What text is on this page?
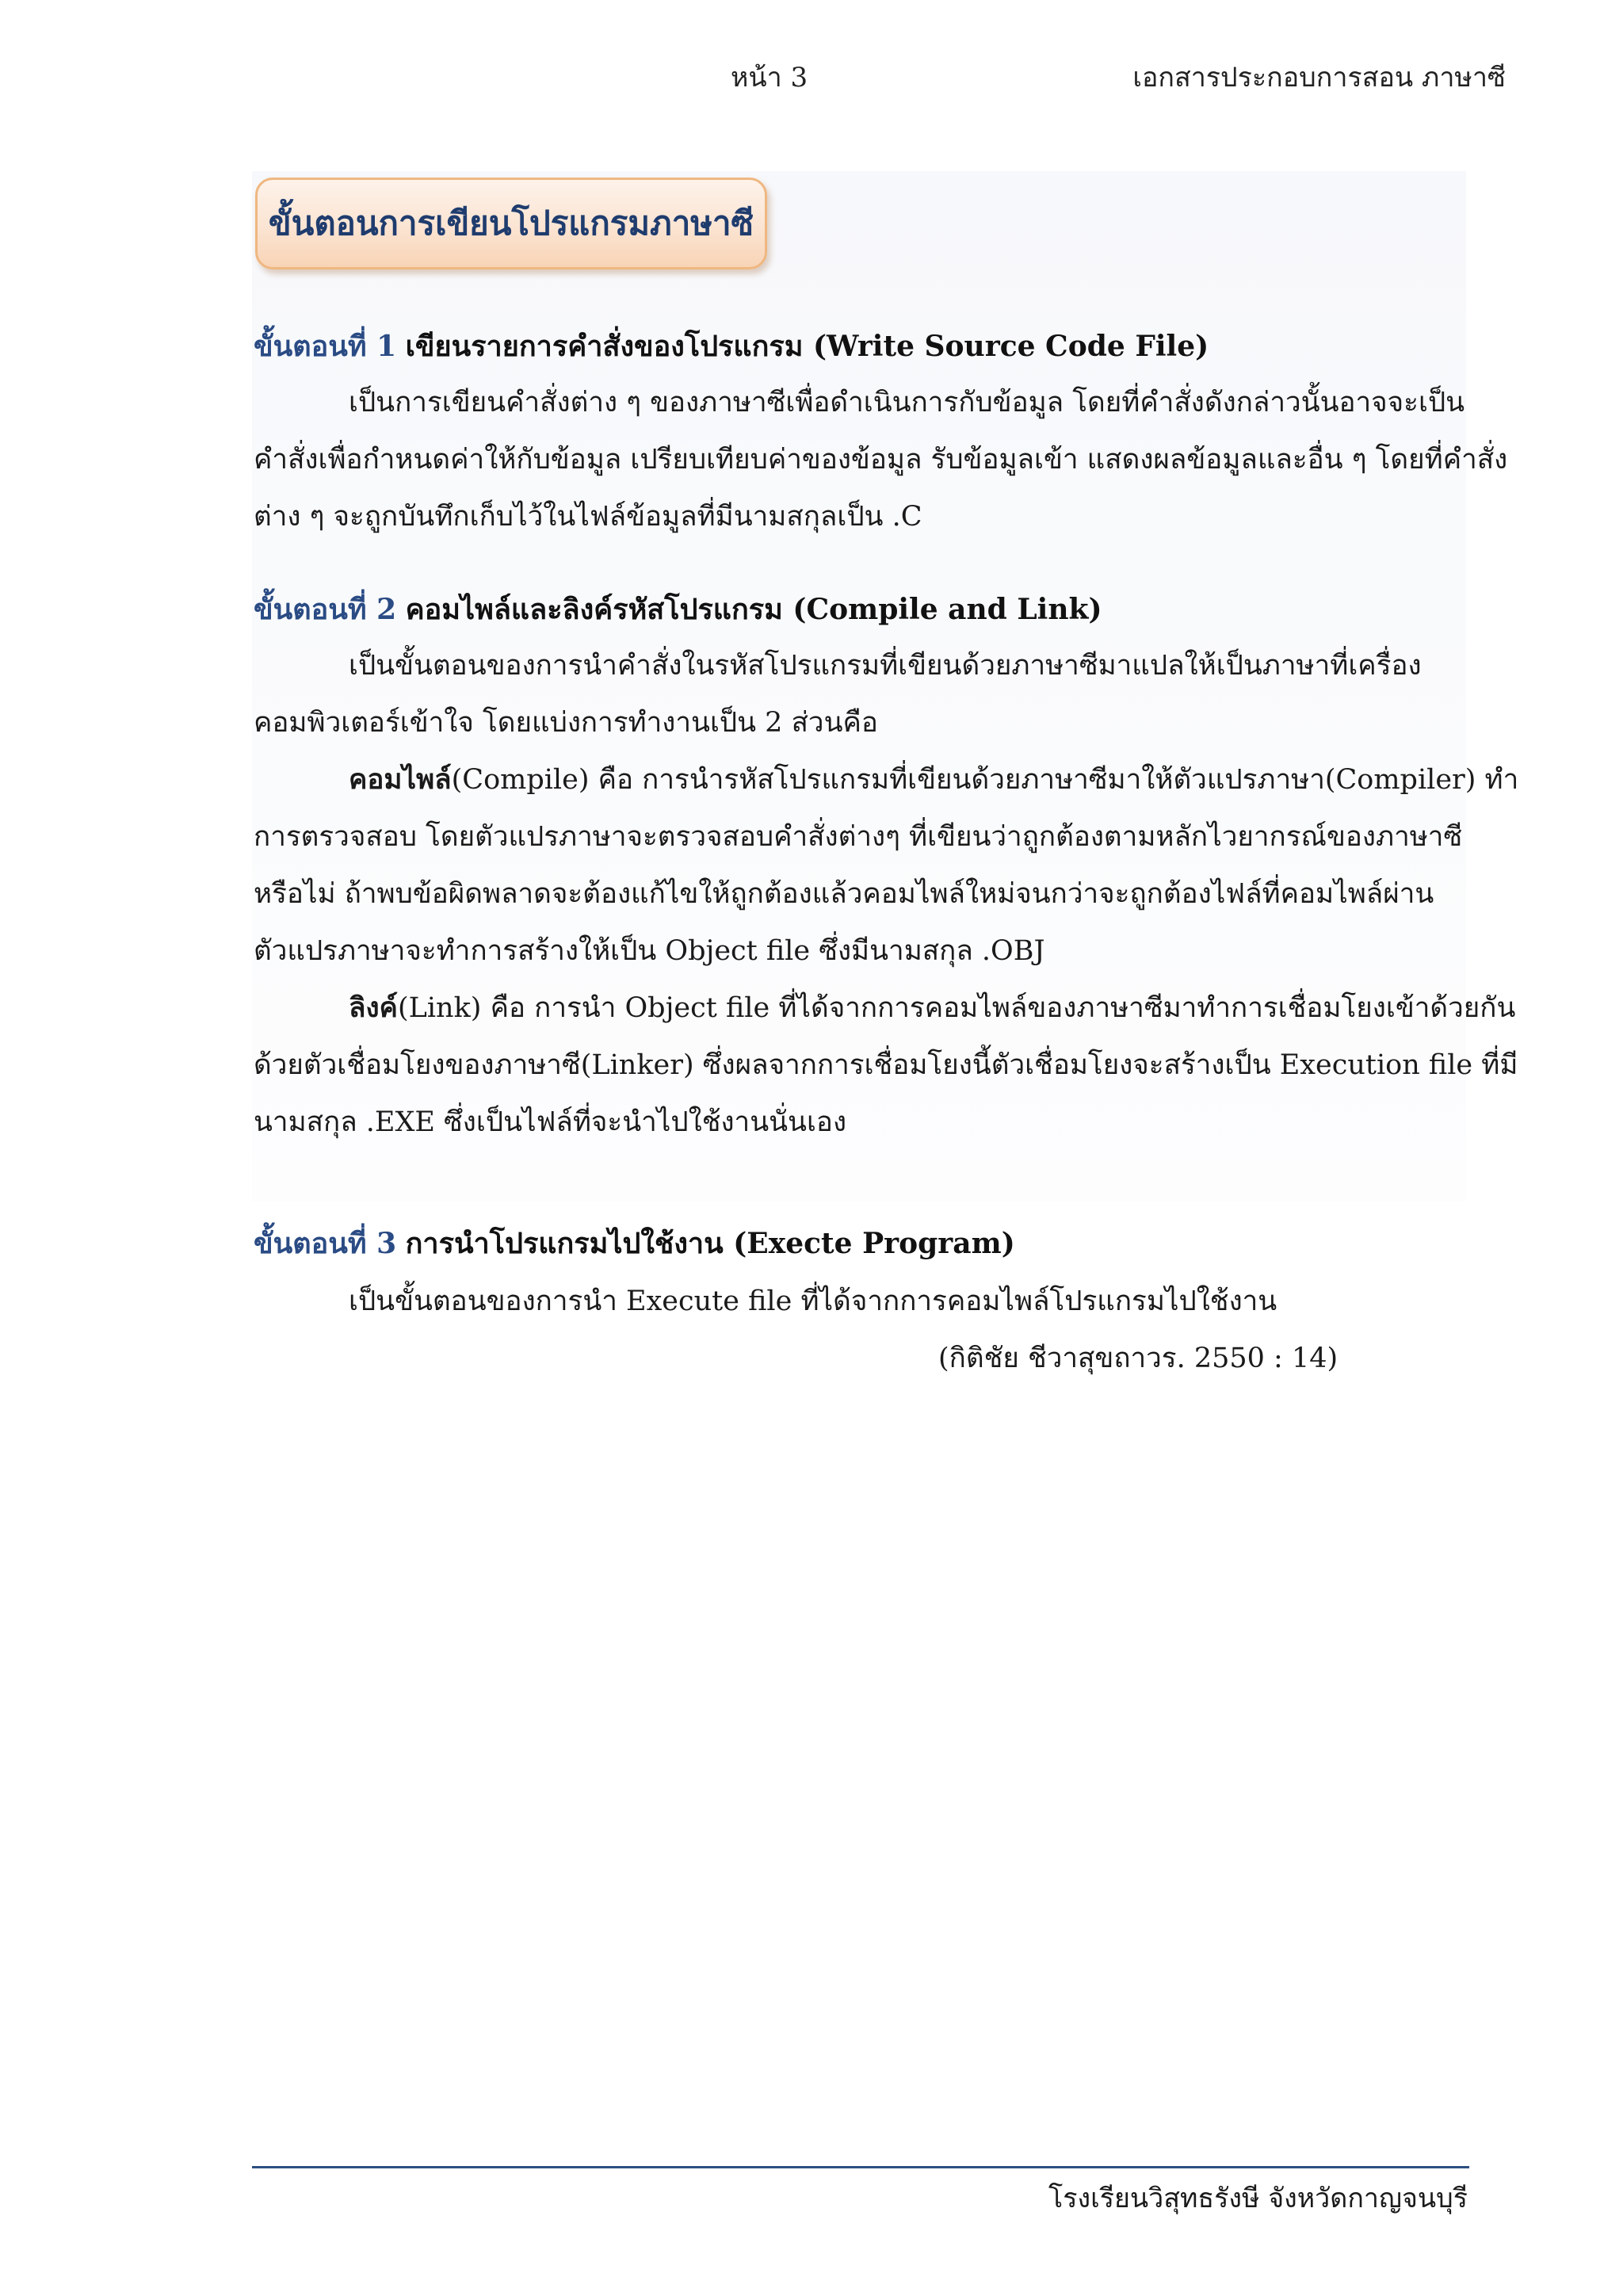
หน้า 3	เอกสารประกอบการสอน ภาษาซี
ขั้นตอนการเขียนโปรแกรมภาษาซี
ขั้นตอนที่ 1 เขียนรายการคำสั่งของโปรแกรม (Write Source Code File)
เป็นการเขียนคำสั่งต่าง ๆ ของภาษาซีเพื่อดำเนินการกับข้อมูล โดยที่คำสั่งดังกล่าวนั้นอาจจะเป็น
คำสั่งเพื่อกำหนดค่าให้กับข้อมูล เปรียบเทียบค่าของข้อมูล รับข้อมูลเข้า แสดงผลข้อมูลและอื่น ๆ โดยที่คำสั่ง
ต่าง ๆ จะถูกบันทึกเก็บไว้ในไฟล์ข้อมูลที่มีนามสกุลเป็น .C
ขั้นตอนที่ 2 คอมไพล์และลิงค์รหัสโปรแกรม (Compile and Link)
เป็นขั้นตอนของการนำคำสั่งในรหัสโปรแกรมที่เขียนด้วยภาษาซีมาแปลให้เป็นภาษาที่เครื่อง
คอมพิวเตอร์เข้าใจ โดยแบ่งการทำงานเป็น 2 ส่วนคือ
คอมไพล์(Compile) คือ การนำรหัสโปรแกรมที่เขียนด้วยภาษาซีมาให้ตัวแปรภาษา(Compiler) ทำ
การตรวจสอบ โดยตัวแปรภาษาจะตรวจสอบคำสั่งต่างๆ ที่เขียนว่าถูกต้องตามหลักไวยากรณ์ของภาษาซี
หรือไม่ ถ้าพบข้อผิดพลาดจะต้องแก้ไขให้ถูกต้องแล้วคอมไพล์ใหม่จนกว่าจะถูกต้องไฟล์ที่คอมไพล์ผ่าน
ตัวแปรภาษาจะทำการสร้างให้เป็น Object file ซึ่งมีนามสกุล .OBJ
ลิงค์(Link) คือ การนำ Object file ที่ได้จากการคอมไพล์ของภาษาซีมาทำการเชื่อมโยงเข้าด้วยกัน
ด้วยตัวเชื่อมโยงของภาษาซี(Linker) ซึ่งผลจากการเชื่อมโยงนี้ตัวเชื่อมโยงจะสร้างเป็น Execution file ที่มี
นามสกุล .EXE ซึ่งเป็นไฟล์ที่จะนำไปใช้งานนั่นเอง
ขั้นตอนที่ 3 การนำโปรแกรมไปใช้งาน (Execte Program)
เป็นขั้นตอนของการนำ Execute file ที่ได้จากการคอมไพล์โปรแกรมไปใช้งาน
(กิติชัย ชีวาสุขถาวร. 2550 : 14)
โรงเรียนวิสุทธรังษี จังหวัดกาญจนบุรี
